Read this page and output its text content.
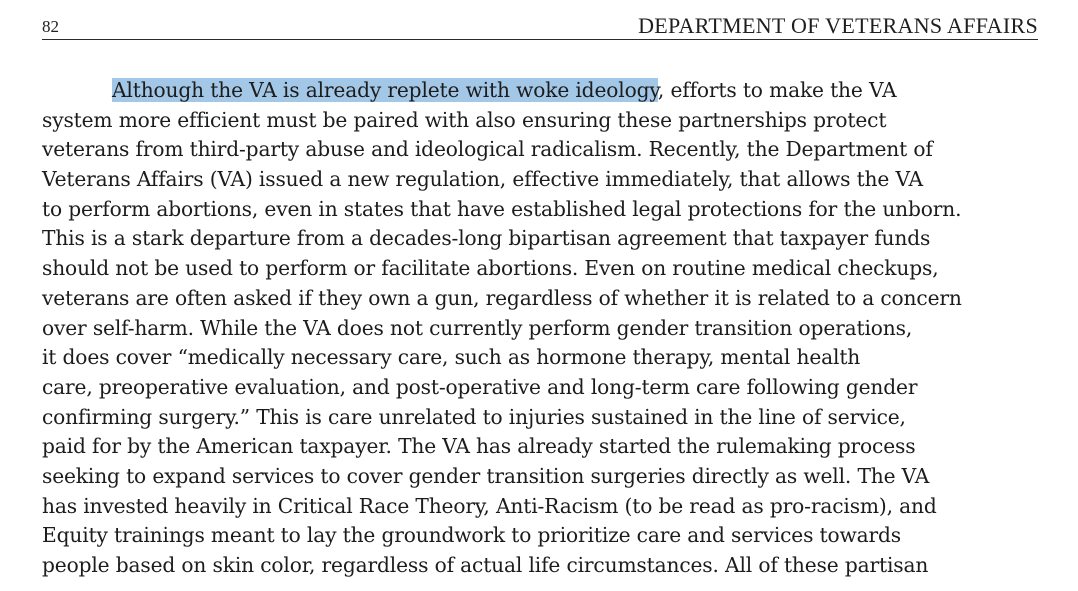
82	DEPARTMENT OF VETERANS AFFAIRS
Although the VA is already replete with woke ideology, efforts to make the VA
system more efficient must be paired with also ensuring these partnerships protect
veterans from third-party abuse and ideological radicalism. Recently, the Department of
Veterans Affairs (VA) issued a new regulation, effective immediately, that allows the VA
to perform abortions, even in states that have established legal protections for the unborn.
This is a stark departure from a decades-long bipartisan agreement that taxpayer funds
should not be used to perform or facilitate abortions. Even on routine medical checkups,
veterans are often asked if they own a gun, regardless of whether it is related to a concern
over self-harm. While the VA does not currently perform gender transition operations,
it does cover “medically necessary care, such as hormone therapy, mental health
care, preoperative evaluation, and post-operative and long-term care following gender
confirming surgery.” This is care unrelated to injuries sustained in the line of service,
paid for by the American taxpayer. The VA has already started the rulemaking process
seeking to expand services to cover gender transition surgeries directly as well. The VA
has invested heavily in Critical Race Theory, Anti-Racism (to be read as pro-racism), and
Equity trainings meant to lay the groundwork to prioritize care and services towards
people based on skin color, regardless of actual life circumstances. All of these partisan
